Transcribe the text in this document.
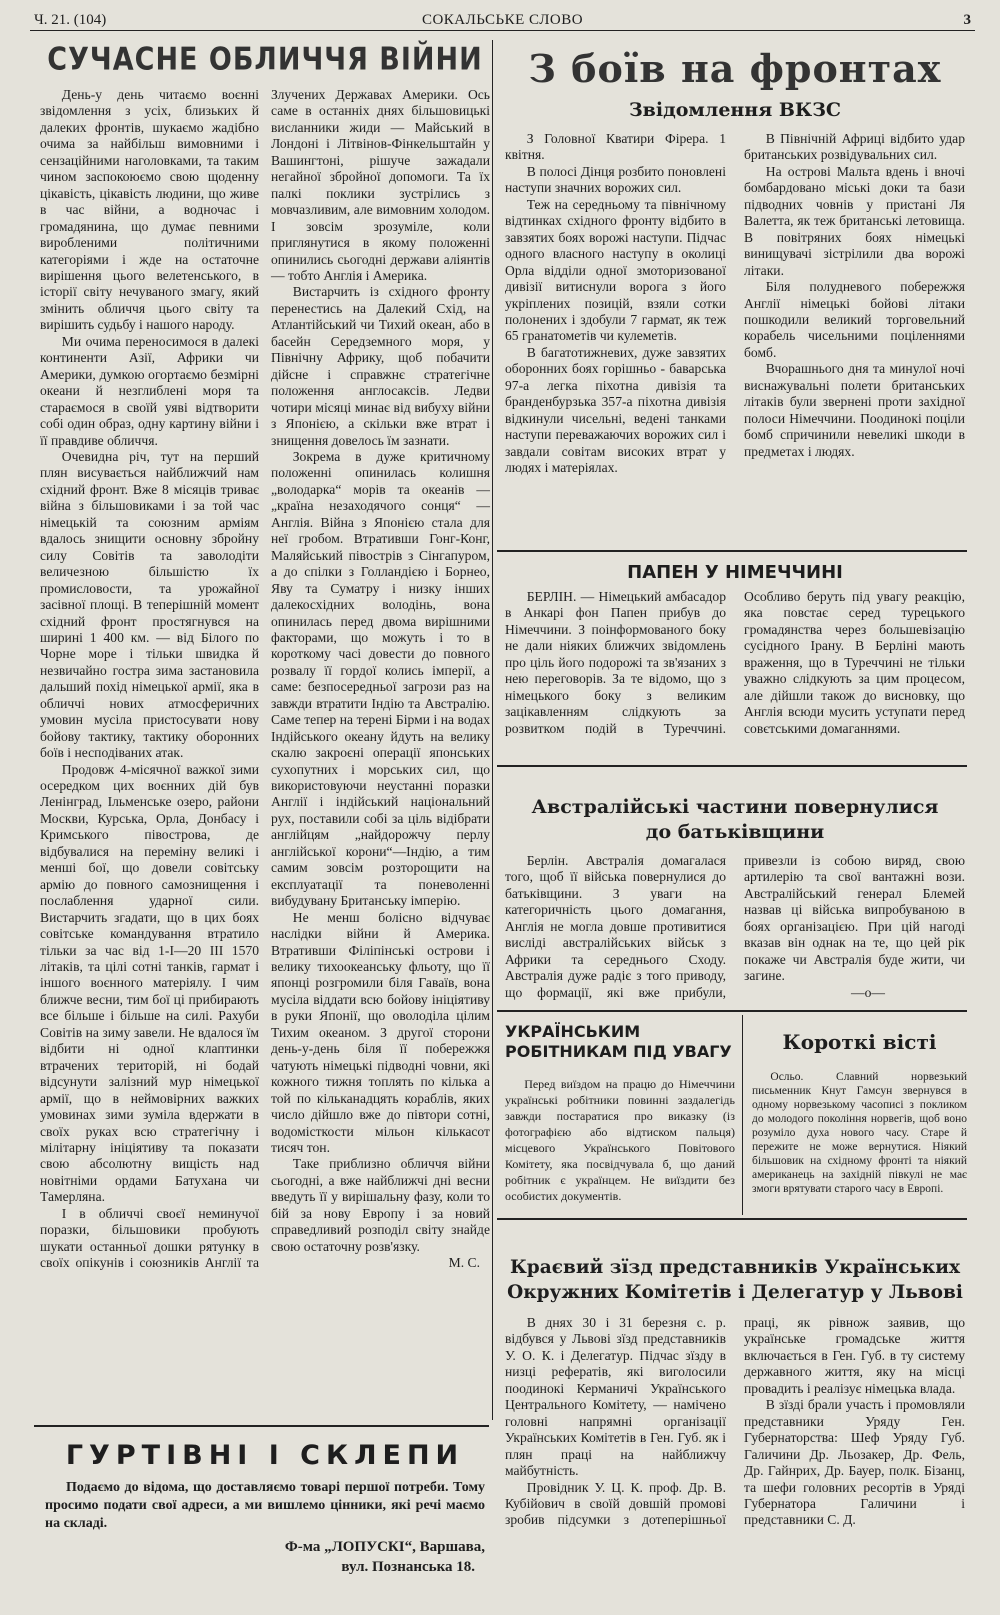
Ч. 21. (104)	СОКАЛЬСЬКЕ СЛОВО	3
СУЧАСНЕ ОБЛИЧЧЯ ВІЙНИ

День-у день читаємо воєнні звідомлення з усіх, близьких й далеких фронтів, шукаємо жадібно очима за найбільш вимовними і сензаційними наголовками, та таким чином заспокоюємо свою щоденну цікавість, цікавість людини, що живе в час війни, а водночас і громадянина, що думає певними виробленими політичними категоріями і жде на остаточне вирішення цього велетенського, в історії світу нечуваного змагу, який змінить обличчя цього світу та вирішить судьбу і нашого народу.

Ми очима переносимося в далекі континенти Азії, Африки чи Америки, думкою огортаємо безмірні океани й незглиблені моря та стараємося в своїй уяві відтворити собі один образ, одну картину війни і її правдиве обличчя.

Очевидна річ, тут на перший плян висувається найближчий нам східний фронт. Вже 8 місяців триває війна з більшовиками і за той час німецькій та союзним арміям вдалось знищити основну збройну силу Совітів та заволодіти величезною більшістю їх промисловости, та урожайної засівної площі. В теперішній момент східний фронт простягнувся на ширині 1 400 км. — від Білого по Чорне море і тільки швидка й незвичайно гостра зима застановила дальший похід німецької армії, яка в обличчі нових атмосферичних умовин мусіла пристосувати нову бойову тактику, тактику оборонних боїв і несподіваних атак.

Продовж 4-місячної важкої зими осередком цих воєнних дій був Ленінград, Ільменське озеро, райони Москви, Курська, Орла, Донбасу і Кримського півострова, де відбувалися на переміну великі і менші бої, що довели совітську армію до повного самознищення і послаблення ударної сили. Вистарчить згадати, що в цих боях совітське командування втратило тільки за час від 1-I—20 III 1570 літаків, та цілі сотні танків, гармат і іншого воєнного матеріялу. І чим ближче весни, тим бої ці прибирають все більше і більше на силі. Рахуби Совітів на зиму завели. Не вдалося їм відбити ні одної клаптинки втрачених територій, ні бодай відсунути залізний мур німецької армії, що в неймовірних важких умовинах зими зуміла вдержати в своїх руках всю стратегічну і мілітарну ініціятиву та показати свою абсолютну вищість над новітніми ордами Батухана чи Тамерляна.

І в обличчі своєї неминучої поразки, більшовики пробують шукати останньої дошки рятунку в своїх опікунів і союзників Англії та Злучених Державах Америки. Ось саме в останніх днях більшовицькі висланники жиди — Майський в Лондоні і Літвінов-Фінкельштайн у Вашингтоні, рішуче зажадали негайної збройної допомоги. Та їх палкі поклики зустрілись з мовчазливим, але вимовним холодом. І зовсім зрозуміле, коли приглянутися в якому положенні опинились сьогодні держави аліянтів — тобто Англія і Америка.

Вистарчить із східного фронту перенестись на Далекий Схід, на Атлантійський чи Тихий океан, або в басейн Середземного моря, у Північну Африку, щоб побачити дійсне і справжнє стратегічне положення англосаксів. Ледви чотири місяці минає від вибуху війни з Японією, а скільки вже втрат і знищення довелось їм зазнати.

Зокрема в дуже критичному положенні опинилась колишня „володарка“ морів та океанів — „країна незаходячого сонця“ — Англія. Війна з Японією стала для неї гробом. Втративши Гонг-Конг, Маляйський півострів з Сінгапуром, а до спілки з Голландією і Борнео, Яву та Суматру і низку інших далекосхідних володінь, вона опинилась перед двома вирішними факторами, що можуть і то в короткому часі довести до повного розвалу її гордої колись імперії, а саме: безпосередньої загрози раз на завжди втратити Індію та Австралію. Саме тепер на терені Бірми і на водах Індійського океану йдуть на велику скалю закроєні операції японських сухопутних і морських сил, що використовуючи неустанні поразки Англії і індійський національний рух, поставили собі за ціль відібрати англійцям „найдорожчу перлу англійської корони“—Індію, а тим самим зовсім розторощити на експлуатації та поневоленні вибудувану Британську імперію.

Не менш болісно відчуває наслідки війни й Америка. Втративши Філіпінські острови і велику тихоокеанську фльоту, що її японці розгромили біля Гаваїв, вона мусіла віддати всю бойову ініціятиву в руки Японії, що оволоділа цілим Тихим океаном. З другої сторони день-у-день біля її побережжя чатують німецькі підводні човни, які кожного тижня топлять по кілька а той по кільканадцять кораблів, яких число дійшло вже до півтори сотні, водомісткости мільон кількасот тисяч тон.

Таке приблизно обличчя війни сьогодні, а вже найближчі дні весни введуть її у вирішальну фазу, коли то бій за нову Европу і за новий справедливий розподіл світу знайде свою остаточну розв'язку.

М. С.
ГУРТІВНІ І СКЛЕПИ
Подаємо до відома, що доставляємо товарі першої потреби. Тому просимо подати свої адреси, а ми вишлемо цінники, які речі маємо на складі.
Ф-ма „ЛОПУСКІ“, Варшава,
вул. Познанська 18.
З боїв на фронтах
Звідомлення ВКЗС

З Головної Кватири Фірера. 1 квітня.

В полосі Дінця розбито поновлені наступи значних ворожих сил.

Теж на середньому та північному відтинках східного фронту відбито в завзятих боях ворожі наступи. Підчас одного власного наступу в околиці Орла відділи одної змоторизованої дивізії витиснули ворога з його укріплених позицій, взяли сотки полонених і здобули 7 гармат, як теж 65 гранатометів чи кулеметів.

В багатотижневих, дуже завзятих оборонних боях горішньо - баварська 97-а легка піхотна дивізія та бранденбурзька 357-а піхотна дивізія відкинули чисельні, ведені танками наступи переважаючих ворожих сил і завдали совітам високих втрат у людях і матеріялах.

В Північній Африці відбито удар британських розвідувальних сил.

На острові Мальта вдень і вночі бомбардовано міські доки та бази підводних човнів у пристані Ля Валетта, як теж британські летовища. В повітряних боях німецькі винищувачі зістрілили два ворожі літаки.

Біля полудневого побережжя Англії німецькі бойові літаки пошкодили великий торговельний корабель чисельними поціленнями бомб.

Вчорашнього дня та минулої ночі виснажувальні полети британських літаків були звернені проти західної полоси Німеччини. Поодинокі поціли бомб спричинили невеликі шкоди в предметах і людях.

ПАПЕН У НІМЕЧЧИНІ

БЕРЛІН. — Німецький амбасадор в Анкарі фон Папен прибув до Німеччини. З поінформованого боку не дали ніяких ближчих звідомлень про ціль його подорожі та зв'язаних з нею переговорів. За те відомо, що з німецького боку з великим зацікавленням слідкують за розвитком подій в Туреччині. Особливо беруть під увагу реакцію, яка повстає серед турецького громадянства через большевізацію сусідного Ірану. В Берліні мають враження, що в Туреччині не тільки уважно слідкують за цим процесом, але дійшли також до висновку, що Англія всюди мусить уступати перед совєтськими домаганнями.

Австралійські частини повернулися до батьківщини

Берлін. Австралія домагалася того, щоб її війська повернулися до батьківщини. З уваги на категоричність цього домагання, Англія не могла довше противитися висліді австралійських військ з Африки та середнього Сходу. Австралія дуже радіє з того приводу, що формації, які вже прибули, привезли із собою виряд, свою артилерію та свої вантажні вози. Австралійський генерал Блемей назвав ці війська випробуваною в боях організацією. При цій нагоді вказав він однак на те, що цей рік покаже чи Австралія буде жити, чи загине.

—o—
УКРАЇНСЬКИМ РОБІТНИКАМ ПІД УВАГУ

Перед виїздом на працю до Німеччини українські робітники повинні заздалегідь завжди постаратися про виказку (із фотографією або відтиском пальця) місцевого Українського Повітового Комітету, яка посвідчувала б, що даний робітник є українцем. Не виїздити без особистих документів.

Короткі вісті

Осльо. Славний норвезький письменник Кнут Гамсун звернувся в одному норвезькому часописі з покликом до молодого покоління норвегів, щоб воно розуміло духа нового часу. Старе й пережите не може вернутися. Ніякий більшовик на східному фронті та ніякий американець на західній півкулі не має змоги врятувати старого часу в Европі.

Краєвий зїзд представників Українських Окружних Комітетів і Делегатур у Львові

В днях 30 і 31 березня с. р. відбувся у Львові зїзд представників У. О. К. і Делегатур. Підчас зїзду в низці рефератів, які виголосили поодинокі Керманичі Українського Центрального Комітету, — намічено головні напрямні організації Українських Комітетів в Ген. Губ. як і плян праці на найближчу майбутність.

Провідник У. Ц. К. проф. Др. В. Кубійович в своїй довшій промові зробив підсумки з дотеперішньої праці, як рівнож заявив, що українське громадське життя включається в Ген. Губ. в ту систему державного життя, яку на місці провадить і реалізує німецька влада.

В зїзді брали участь і промовляли представники Уряду Ген. Губернаторства: Шеф Уряду Губ. Галичини Др. Льозакер, Др. Фель, Др. Гайнрих, Др. Бауер, полк. Бізанц, та шефи головних ресортів в Уряді Губернатора Галичини і представники С. Д.
